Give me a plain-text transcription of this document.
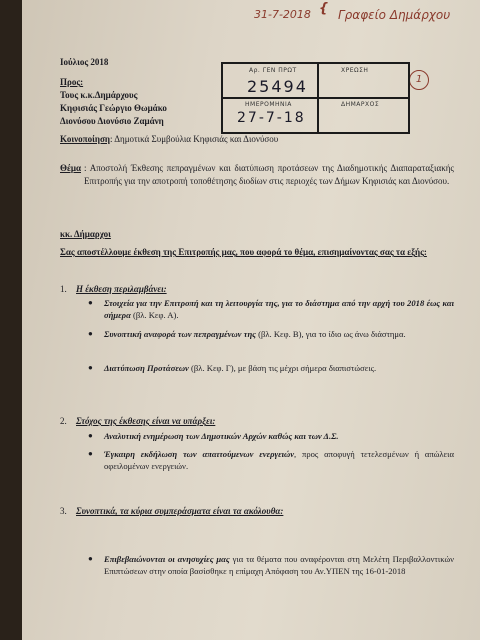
31-7-2018 { Γραφείο Δημάρχου
1
Ιούλιος 2018
Προς:
Τους κ.κ.Δημάρχους
Κηφισιάς Γεώργιο Θωμάκο
Διονύσου Διονύσιο Ζαμάνη
Αρ. ΓΕΝ ΠΡΩΤ
25494
ΗΜΕΡΟΜΗΝΙΑ
27-7-18
ΧΡΕΩΣΗ
ΔΗΜΑΡΧΟΣ
Κοινοποίηση: Δημοτικά Συμβούλια Κηφισιάς και Διονύσου
Θέμα : Αποστολή Έκθεσης πεπραγμένων και διατύπωση προτάσεων της Διαδημοτικής Διαπαραταξιακής Επιτροπής για την αποτροπή τοποθέτησης διοδίων στις περιοχές των Δήμων Κηφισιάς και Διονύσου.
κκ. Δήμαρχοι
Σας αποστέλλουμε έκθεση της Επιτροπής μας, που αφορά το θέμα, επισημαίνοντας σας τα εξής:
1. Η έκθεση περιλαμβάνει:
● Στοιχεία για την Επιτροπή και τη λειτουργία της, για το διάστημα από την αρχή του 2018 έως και σήμερα (βλ. Κεφ. Α).
● Συνοπτική αναφορά των πεπραγμένων της (βλ. Κεφ. Β), για το ίδιο ως άνω διάστημα.
● Διατύπωση Προτάσεων (βλ. Κεφ. Γ), με βάση τις μέχρι σήμερα διαπιστώσεις.
2. Στόχος της έκθεσης είναι να υπάρξει:
● Αναλυτική ενημέρωση των Δημοτικών Αρχών καθώς και των Δ.Σ.
● Έγκαιρη εκδήλωση των απαιτούμενων ενεργειών, προς αποφυγή τετελεσμένων ή απώλεια οφειλομένων ενεργειών.
3. Συνοπτικά, τα κύρια συμπεράσματα είναι τα ακόλουθα:
● Επιβεβαιώνονται οι ανησυχίες μας για τα θέματα που αναφέρονται στη Μελέτη Περιβαλλοντικών Επιπτώσεων στην οποία βασίσθηκε η επίμαχη Απόφαση του Αν.ΥΠΕΝ της 16-01-2018
